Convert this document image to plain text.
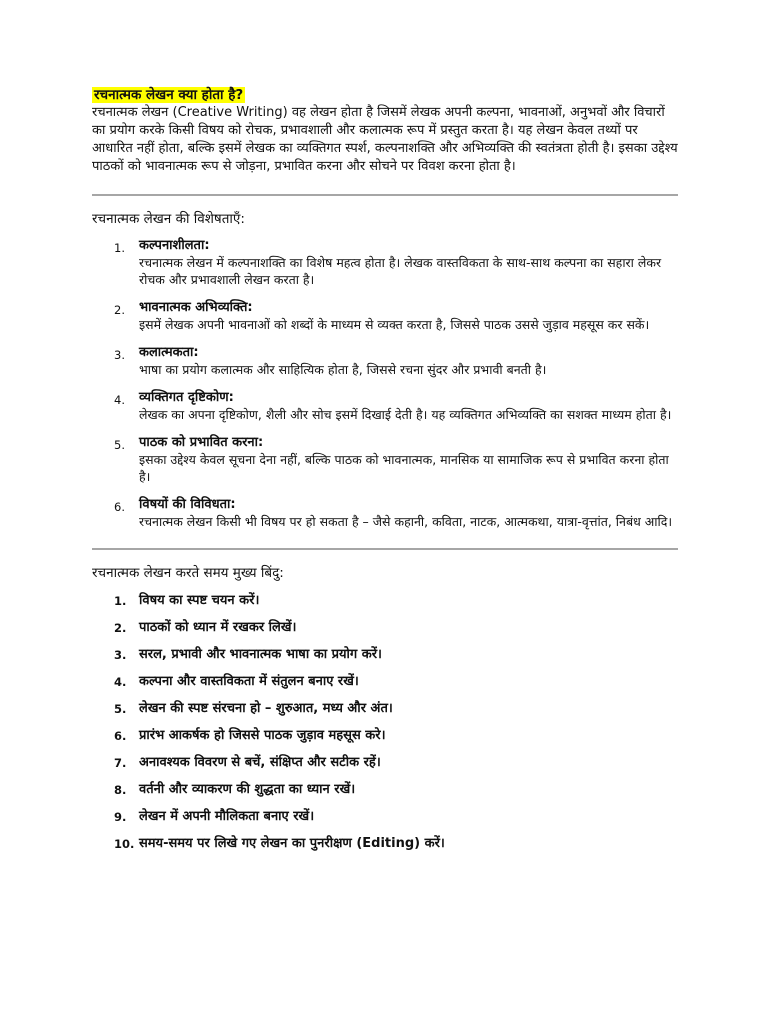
रचनात्मक लेखन क्या होता है?

रचनात्मक लेखन (Creative Writing) वह लेखन होता है जिसमें लेखक अपनी कल्पना, भावनाओं, अनुभवों और विचारों का प्रयोग करके किसी विषय को रोचक, प्रभावशाली और कलात्मक रूप में प्रस्तुत करता है। यह लेखन केवल तथ्यों पर आधारित नहीं होता, बल्कि इसमें लेखक का व्यक्तिगत स्पर्श, कल्पनाशक्ति और अभिव्यक्ति की स्वतंत्रता होती है। इसका उद्देश्य पाठकों को भावनात्मक रूप से जोड़ना, प्रभावित करना और सोचने पर विवश करना होता है।

रचनात्मक लेखन की विशेषताएँ:
1. कल्पनाशीलता:
रचनात्मक लेखन में कल्पनाशक्ति का विशेष महत्व होता है। लेखक वास्तविकता के साथ-साथ कल्पना का सहारा लेकर रोचक और प्रभावशाली लेखन करता है।
2. भावनात्मक अभिव्यक्ति:
इसमें लेखक अपनी भावनाओं को शब्दों के माध्यम से व्यक्त करता है, जिससे पाठक उससे जुड़ाव महसूस कर सकें।
3. कलात्मकता:
भाषा का प्रयोग कलात्मक और साहित्यिक होता है, जिससे रचना सुंदर और प्रभावी बनती है।
4. व्यक्तिगत दृष्टिकोण:
लेखक का अपना दृष्टिकोण, शैली और सोच इसमें दिखाई देती है। यह व्यक्तिगत अभिव्यक्ति का सशक्त माध्यम होता है।
5. पाठक को प्रभावित करना:
इसका उद्देश्य केवल सूचना देना नहीं, बल्कि पाठक को भावनात्मक, मानसिक या सामाजिक रूप से प्रभावित करना होता है।
6. विषयों की विविधता:
रचनात्मक लेखन किसी भी विषय पर हो सकता है – जैसे कहानी, कविता, नाटक, आत्मकथा, यात्रा-वृत्तांत, निबंध आदि।
रचनात्मक लेखन करते समय मुख्य बिंदु:
1. विषय का स्पष्ट चयन करें।
2. पाठकों को ध्यान में रखकर लिखें।
3. सरल, प्रभावी और भावनात्मक भाषा का प्रयोग करें।
4. कल्पना और वास्तविकता में संतुलन बनाए रखें।
5. लेखन की स्पष्ट संरचना हो – शुरुआत, मध्य और अंत।
6. प्रारंभ आकर्षक हो जिससे पाठक जुड़ाव महसूस करे।
7. अनावश्यक विवरण से बचें, संक्षिप्त और सटीक रहें।
8. वर्तनी और व्याकरण की शुद्धता का ध्यान रखें।
9. लेखन में अपनी मौलिकता बनाए रखें।
10. समय-समय पर लिखे गए लेखन का पुनरीक्षण (Editing) करें।
